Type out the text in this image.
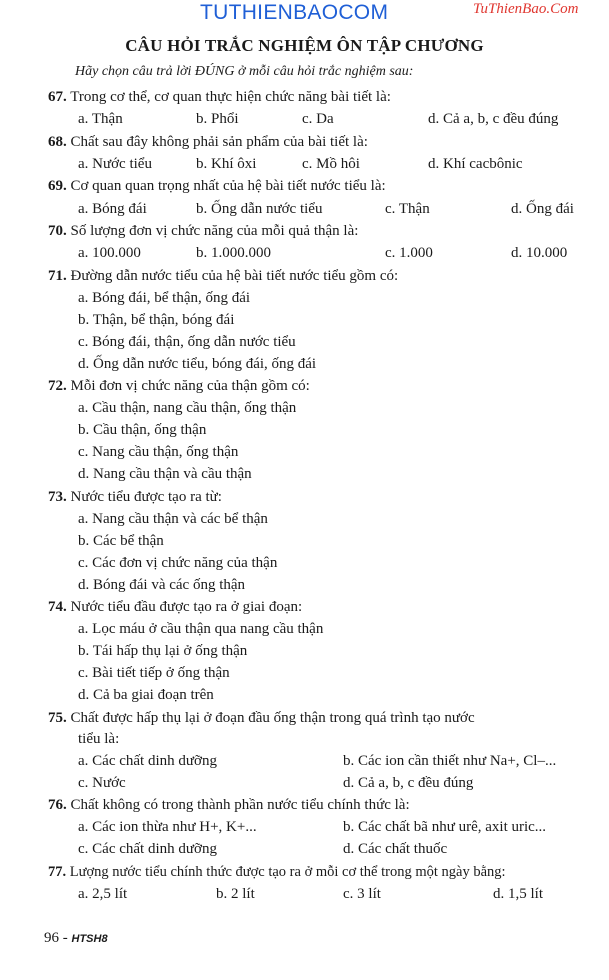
TUTHIENBAOCOM	TuThienBao.Com
CÂU HỎI TRẮC NGHIỆM ÔN TẬP CHƯƠNG
Hãy chọn câu trả lời ĐÚNG ở mỗi câu hỏi trắc nghiệm sau:
67. Trong cơ thể, cơ quan thực hiện chức năng bài tiết là:
a. Thận	b. Phổi	c. Da	d. Cả a, b, c đều đúng
68. Chất sau đây không phải sản phẩm của bài tiết là:
a. Nước tiểu	b. Khí ôxi	c. Mồ hôi	d. Khí cacbônic
69. Cơ quan quan trọng nhất của hệ bài tiết nước tiểu là:
a. Bóng đái	b. Ống dẫn nước tiểu	c. Thận	d. Ống đái
70. Số lượng đơn vị chức năng của mỗi quả thận là:
a. 100.000	b. 1.000.000	c. 1.000	d. 10.000
71. Đường dẫn nước tiểu của hệ bài tiết nước tiểu gồm có:
a. Bóng đái, bể thận, ống đái
b. Thận, bể thận, bóng đái
c. Bóng đái, thận, ống dẫn nước tiểu
d. Ống dẫn nước tiểu, bóng đái, ống đái
72. Mỗi đơn vị chức năng của thận gồm có:
a. Cầu thận, nang cầu thận, ống thận
b. Cầu thận, ống thận
c. Nang cầu thận, ống thận
d. Nang cầu thận và cầu thận
73. Nước tiểu được tạo ra từ:
a. Nang cầu thận và các bể thận
b. Các bể thận
c. Các đơn vị chức năng của thận
d. Bóng đái và các ống thận
74. Nước tiểu đầu được tạo ra ở giai đoạn:
a. Lọc máu ở cầu thận qua nang cầu thận
b. Tái hấp thụ lại ở ống thận
c. Bài tiết tiếp ở ống thận
d. Cả ba giai đoạn trên
75. Chất được hấp thụ lại ở đoạn đầu ống thận trong quá trình tạo nước
tiểu là:
a. Các chất dinh dưỡng	b. Các ion cần thiết như Na+, Cl–...
c. Nước	d. Cả a, b, c đều đúng
76. Chất không có trong thành phần nước tiểu chính thức là:
a. Các ion thừa như H+, K+...	b. Các chất bã như urê, axit uric...
c. Các chất dinh dưỡng	d. Các chất thuốc
77. Lượng nước tiểu chính thức được tạo ra ở mỗi cơ thể trong một ngày bằng:
a. 2,5 lít	b. 2 lít	c. 3 lít	d. 1,5 lít
96 - HTSH8
